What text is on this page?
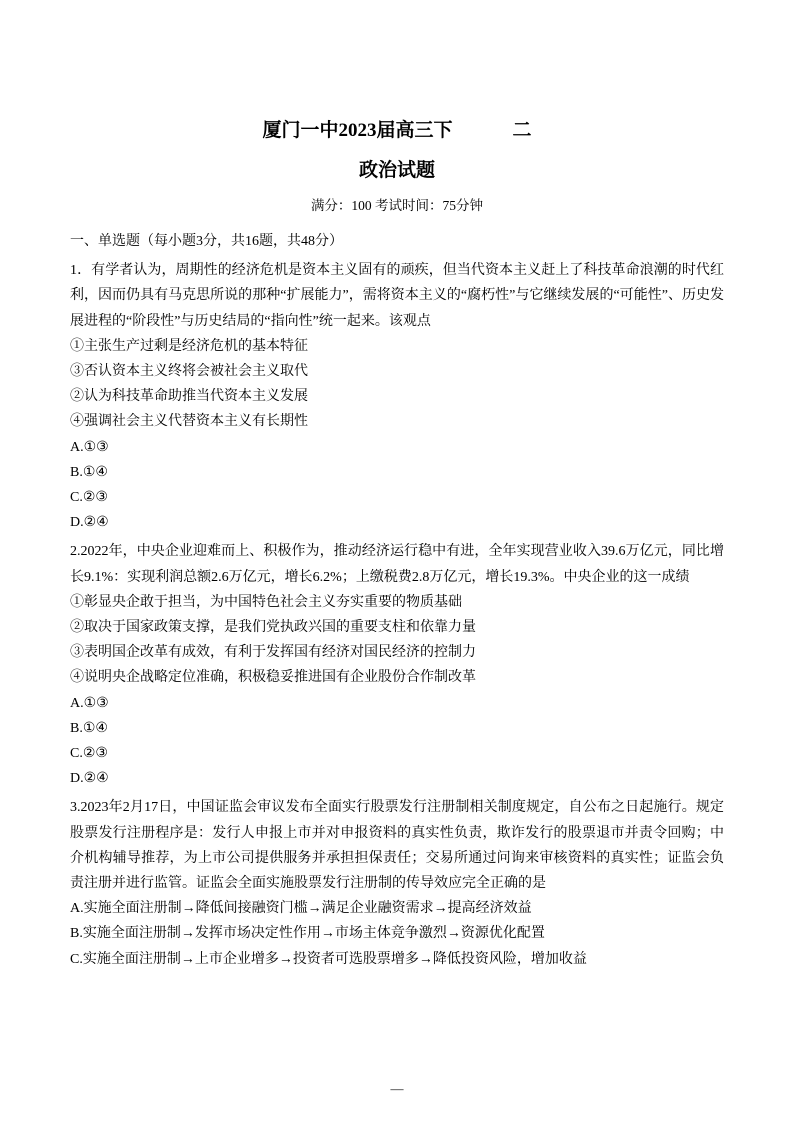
厦门一中2023届高三下	二
政治试题
满分：100 考试时间：75分钟

一、单选题（每小题3分，共16题，共48分）

1．有学者认为，周期性的经济危机是资本主义固有的顽疾，但当代资本主义赶上了科技革命浪潮的时代红利，因而仍具有马克思所说的那种“扩展能力”，需将资本主义的“腐朽性”与它继续发展的“可能性”、历史发展进程的“阶段性”与历史结局的“指向性”统一起来。该观点

①主张生产过剩是经济危机的基本特征

③否认资本主义终将会被社会主义取代

②认为科技革命助推当代资本主义发展

④强调社会主义代替资本主义有长期性

A.①③

B.①④

C.②③

D.②④

2.2022年，中央企业迎难而上、积极作为，推动经济运行稳中有进，全年实现营业收入39.6万亿元，同比增长9.1%：实现利润总额2.6万亿元，增长6.2%；上缴税费2.8万亿元，增长19.3%。中央企业的这一成绩

①彰显央企敢于担当，为中国特色社会主义夯实重要的物质基础

②取决于国家政策支撑，是我们党执政兴国的重要支柱和依靠力量

③表明国企改革有成效，有利于发挥国有经济对国民经济的控制力

④说明央企战略定位准确，积极稳妥推进国有企业股份合作制改革

A.①③

B.①④

C.②③

D.②④

3.2023年2月17日，中国证监会审议发布全面实行股票发行注册制相关制度规定，自公布之日起施行。规定股票发行注册程序是：发行人申报上市并对申报资料的真实性负责，欺诈发行的股票退市并责令回购；中介机构辅导推荐，为上市公司提供服务并承担担保责任；交易所通过问询来审核资料的真实性；证监会负责注册并进行监管。证监会全面实施股票发行注册制的传导效应完全正确的是

A.实施全面注册制→降低间接融资门槛→满足企业融资需求→提高经济效益

B.实施全面注册制→发挥市场决定性作用→市场主体竞争激烈→资源优化配置

C.实施全面注册制→上市企业增多→投资者可选股票增多→降低投资风险，增加收益

—
